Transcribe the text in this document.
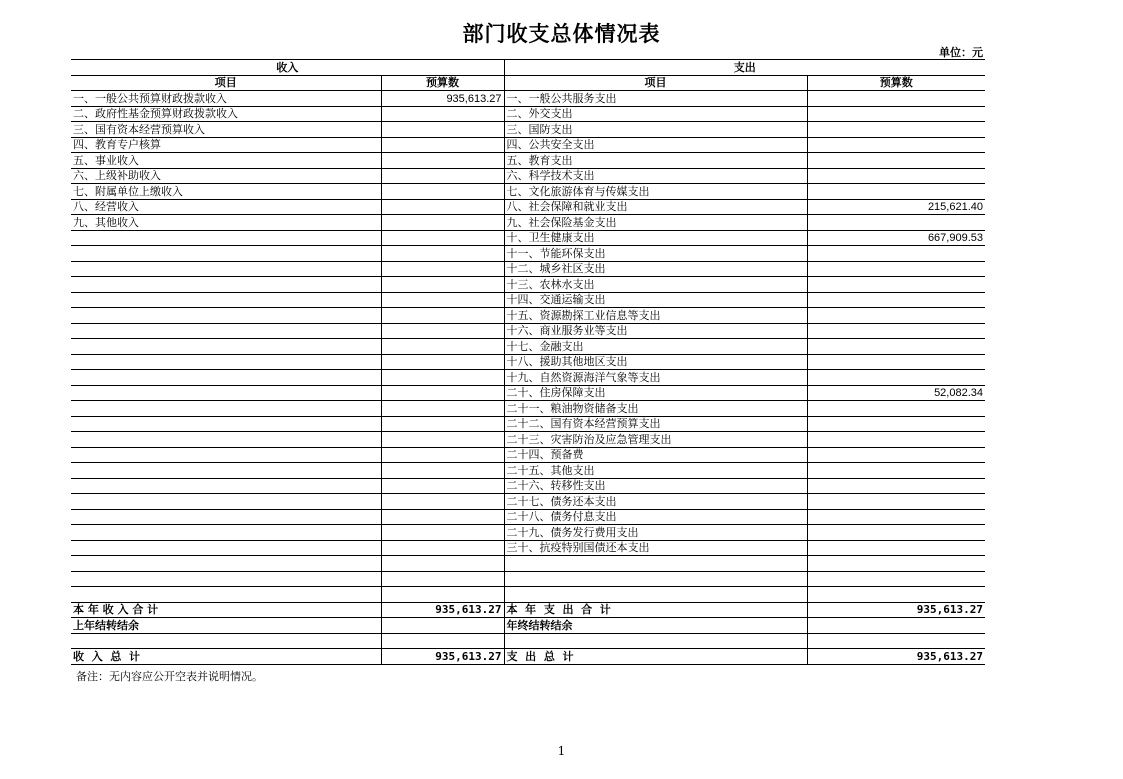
部门收支总体情况表
单位：元
收入		支出	
项目	预算数	项目	预算数
一、一般公共预算财政拨款收入	935,613.27	一、一般公共服务支出	
二、政府性基金预算财政拨款收入		二、外交支出	
三、国有资本经营预算收入		三、国防支出	
四、教育专户核算		四、公共安全支出	
五、事业收入		五、教育支出	
六、上级补助收入		六、科学技术支出	
七、附属单位上缴收入		七、文化旅游体育与传媒支出	
八、经营收入		八、社会保障和就业支出	215,621.40
九、其他收入		九、社会保险基金支出	
		十、卫生健康支出	667,909.53
		十一、节能环保支出	
		十二、城乡社区支出	
		十三、农林水支出	
		十四、交通运输支出	
		十五、资源勘探工业信息等支出	
		十六、商业服务业等支出	
		十七、金融支出	
		十八、援助其他地区支出	
		十九、自然资源海洋气象等支出	
		二十、住房保障支出	52,082.34
		二十一、粮油物资储备支出	
		二十二、国有资本经营预算支出	
		二十三、灾害防治及应急管理支出	
		二十四、预备费	
		二十五、其他支出	
		二十六、转移性支出	
		二十七、债务还本支出	
		二十八、债务付息支出	
		二十九、债务发行费用支出	
		三十、抗疫特别国债还本支出	

本 年 收 入 合 计	935,613.27	本  年  支  出  合  计	935,613.27
上年结转结余		年终结转结余	

收  入  总  计	935,613.27	支  出  总  计	935,613.27
备注：无内容应公开空表并说明情况。
1
